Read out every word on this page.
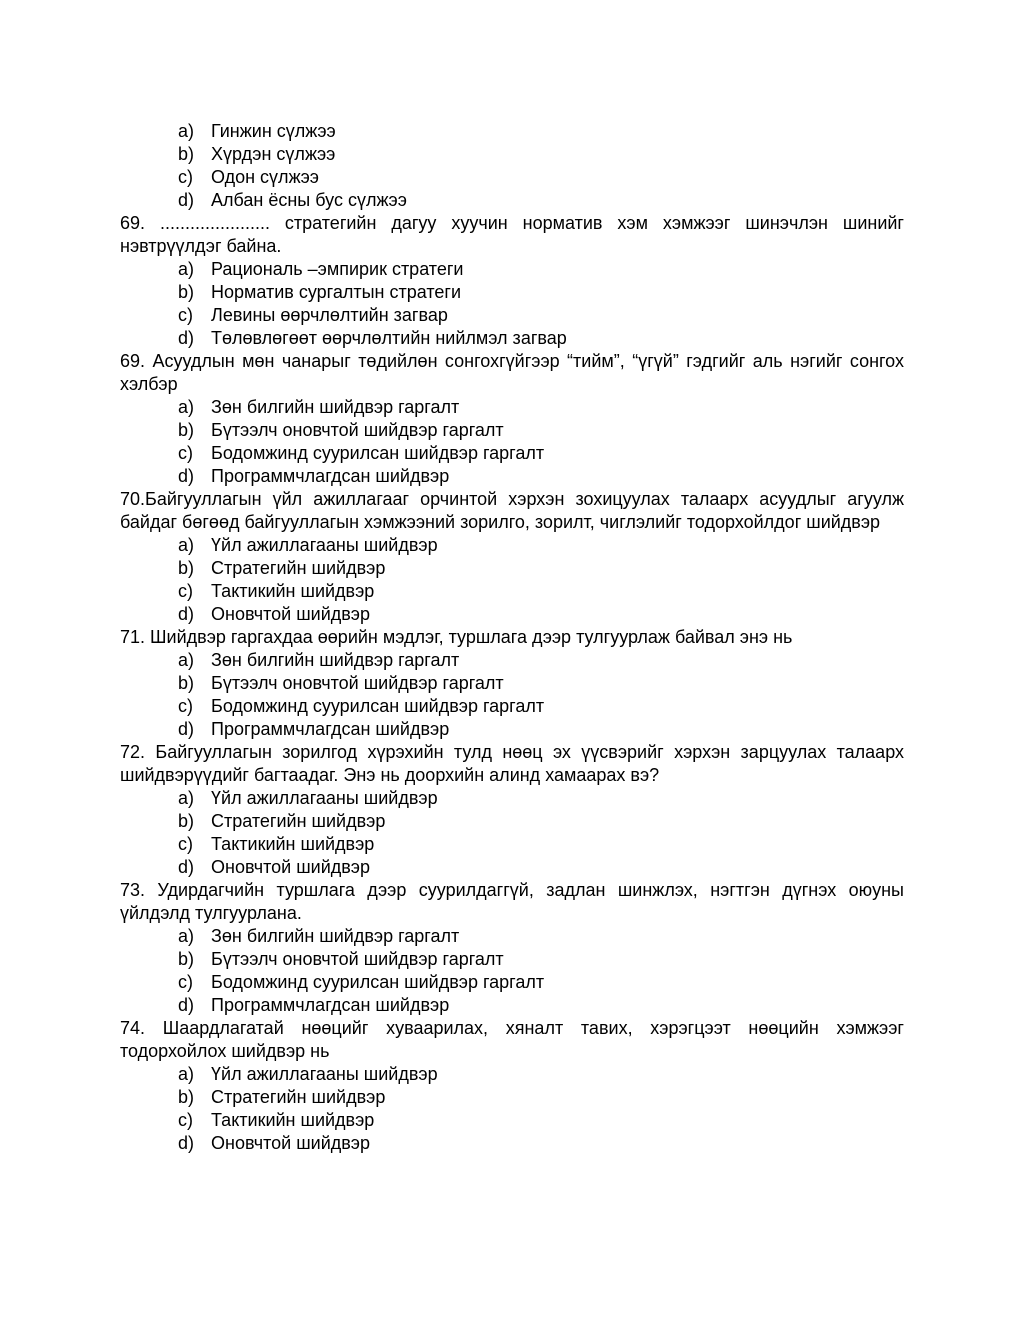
a) Гинжин сүлжээ
b) Хүрдэн сүлжээ
c)	Одон сүлжээ
d) Албан ёсны бус сүлжээ
69. ...................... стратегийн дагуу хуучин норматив хэм хэмжээг шинэчлэн шинийг нэвтрүүлдэг байна.
a) Рациональ –эмпирик стратеги
b) Норматив сургалтын стратеги
c)	Левины өөрчлөлтийн загвар
d) Төлөвлөгөөт өөрчлөлтийн нийлмэл загвар
69. Асуудлын мөн чанарыг төдийлөн сонгохгүйгээр “тийм”, “үгүй” гэдгийг аль нэгийг сонгох хэлбэр
a) Зөн билгийн шийдвэр гаргалт
b) Бүтээлч оновчтой шийдвэр гаргалт
c)	Бодомжинд суурилсан шийдвэр гаргалт
d) Программчлагдсан шийдвэр
70.Байгууллагын үйл ажиллагааг орчинтой хэрхэн зохицуулах талаарх асуудлыг агуулж байдаг бөгөөд байгууллагын хэмжээний зорилго, зорилт, чиглэлийг тодорхойлдог шийдвэр
a) Үйл ажиллагааны шийдвэр
b) Стратегийн шийдвэр
c)	Тактикийн шийдвэр
d) Оновчтой шийдвэр
71. Шийдвэр гаргахдаа өөрийн мэдлэг, туршлага дээр тулгуурлаж байвал энэ нь
a) Зөн билгийн шийдвэр гаргалт
b) Бүтээлч оновчтой шийдвэр гаргалт
c)	Бодомжинд суурилсан шийдвэр гаргалт
d) Программчлагдсан шийдвэр
72. Байгууллагын зорилгод хүрэхийн тулд нөөц эх үүсвэрийг хэрхэн зарцуулах талаарх шийдвэрүүдийг багтаадаг. Энэ нь доорхийн алинд хамаарах вэ?
a) Үйл ажиллагааны шийдвэр
b) Стратегийн шийдвэр
c)	Тактикийн шийдвэр
d) Оновчтой шийдвэр
73. Удирдагчийн туршлага дээр суурилдаггүй, задлан шинжлэх, нэгтгэн дүгнэх оюуны үйлдэлд тулгуурлана.
a) Зөн билгийн шийдвэр гаргалт
b) Бүтээлч оновчтой шийдвэр гаргалт
c)	Бодомжинд суурилсан шийдвэр гаргалт
d) Программчлагдсан шийдвэр
74. Шаардлагатай нөөцийг хуваарилах, хяналт тавих, хэрэгцээт нөөцийн хэмжээг тодорхойлох шийдвэр нь
a) Үйл ажиллагааны шийдвэр
b) Стратегийн шийдвэр
c)	Тактикийн шийдвэр
d) Оновчтой шийдвэр
